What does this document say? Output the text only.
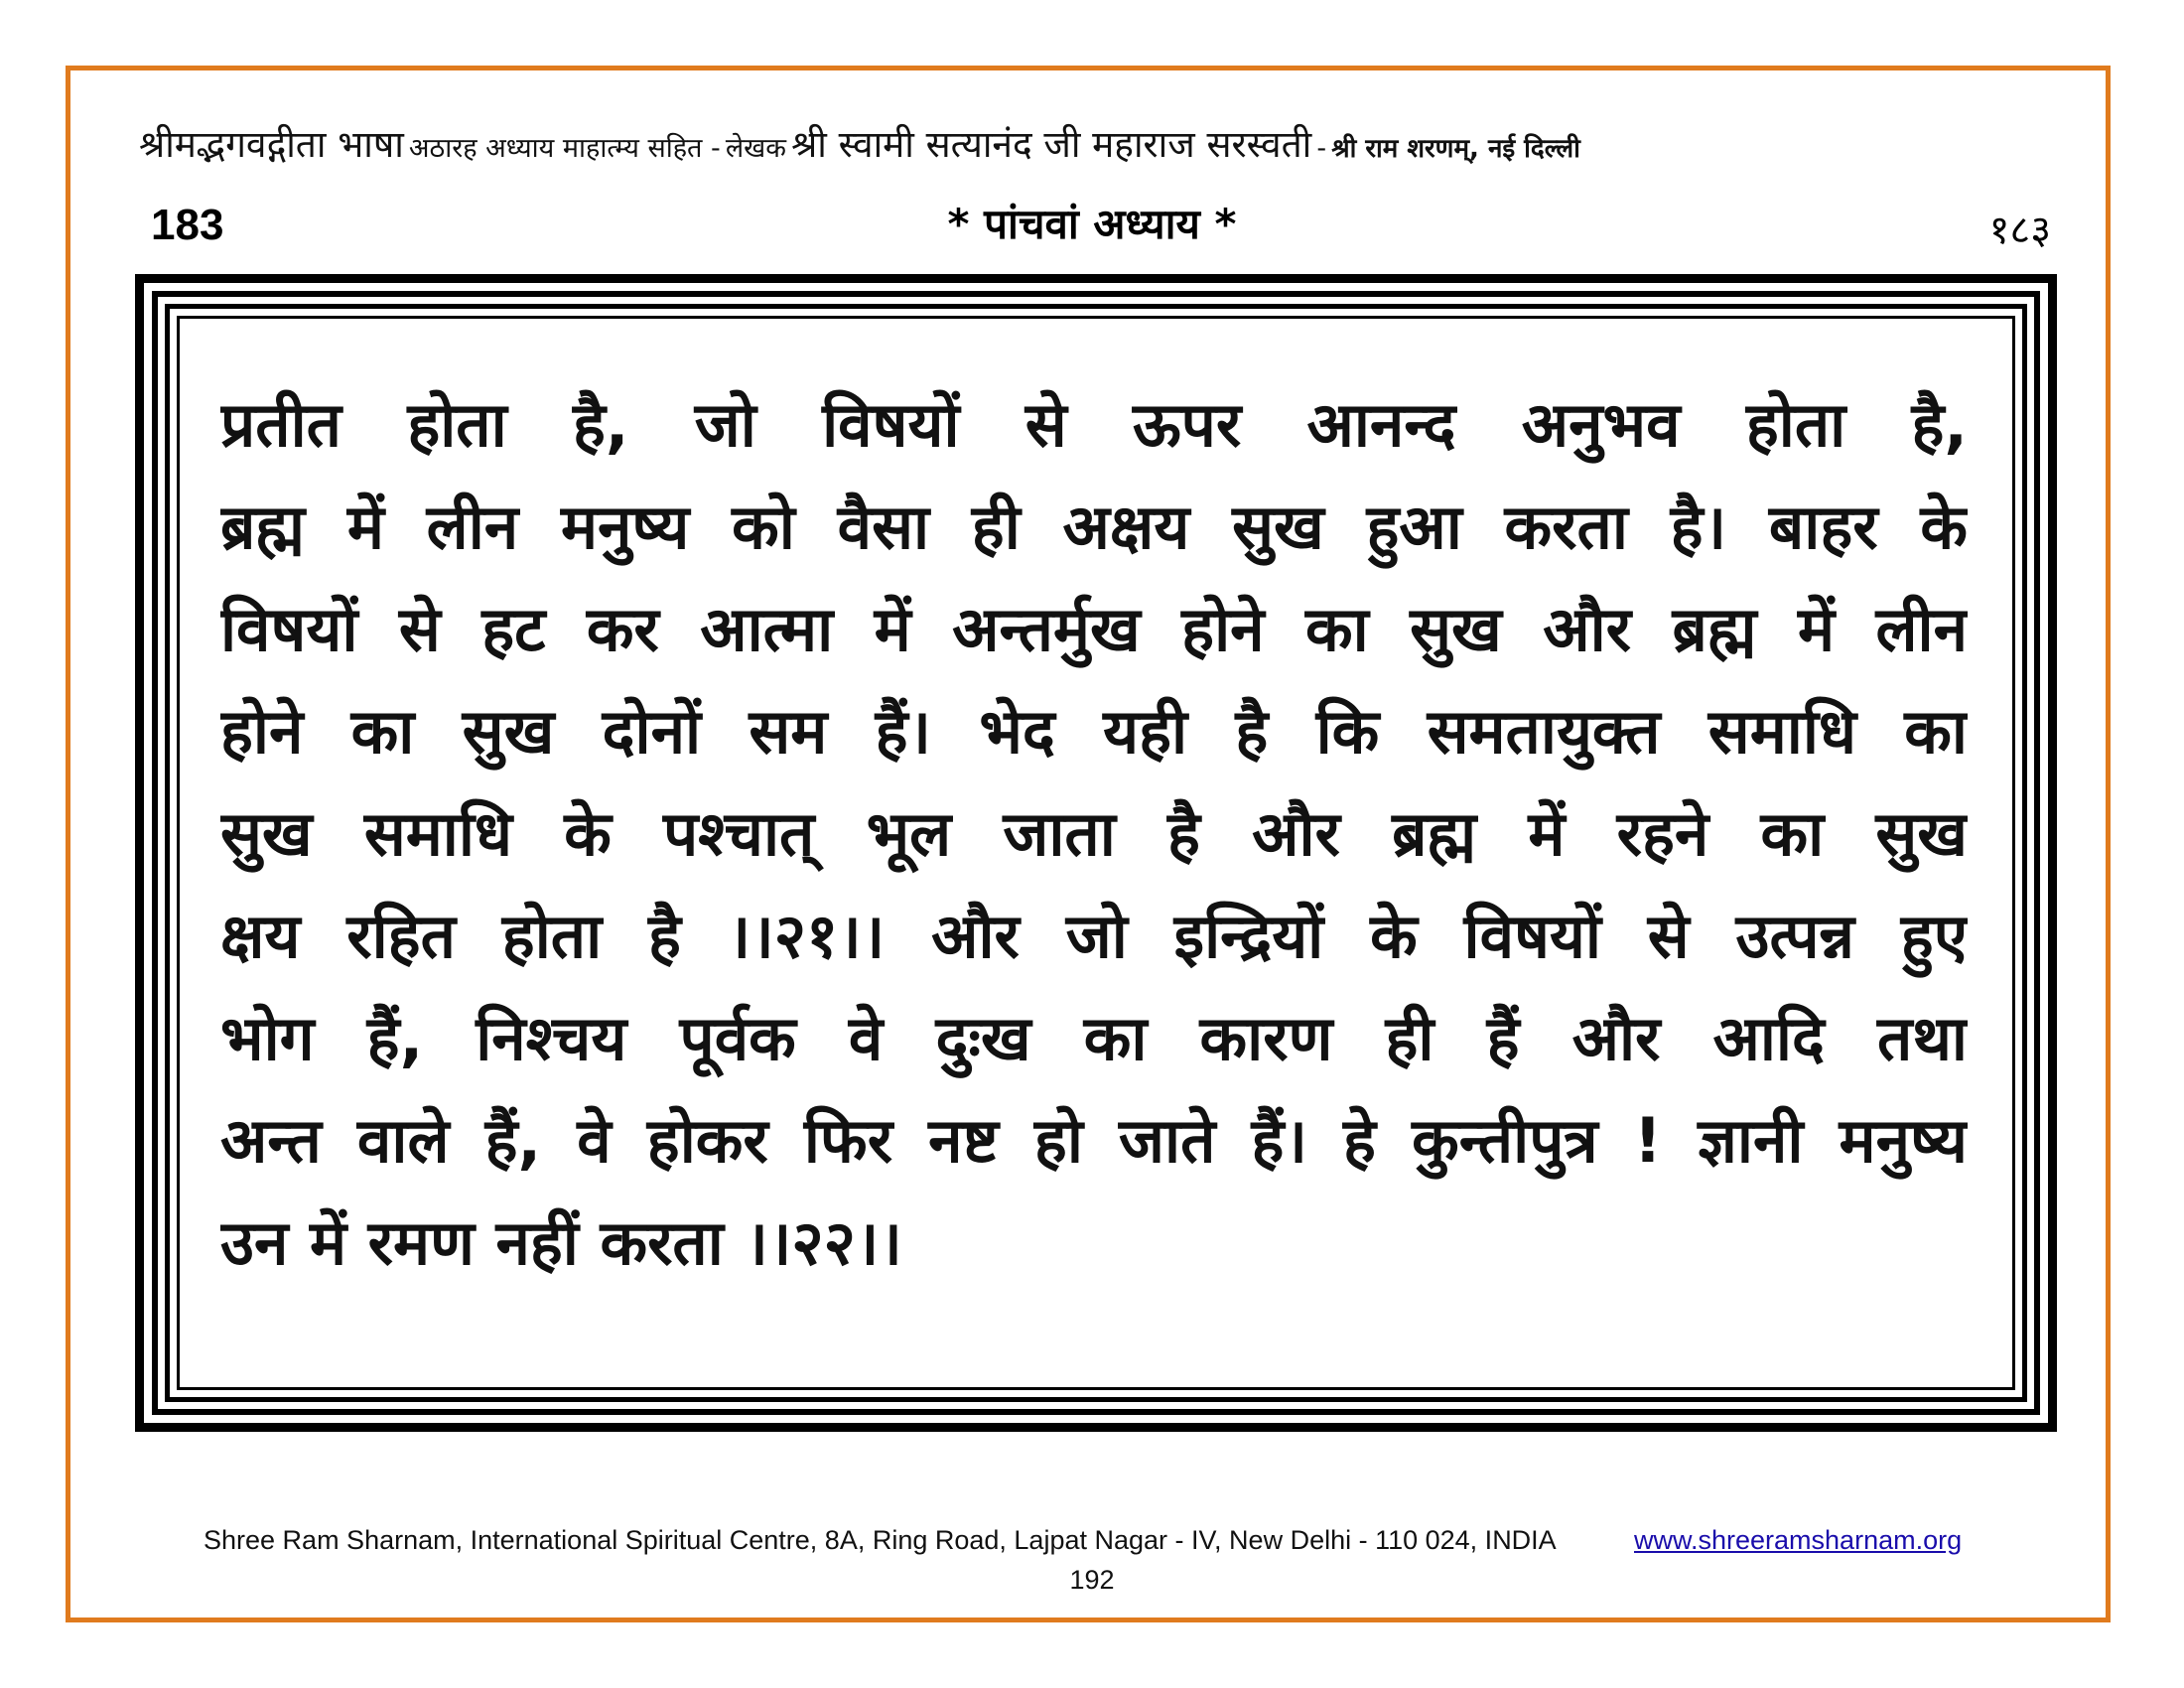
श्रीमद्भगवद्गीता भाषा अठारह अध्याय माहात्म्य सहित - लेखक श्री स्वामी सत्यानंद जी महाराज सरस्वती - श्री राम शरणम्, नई दिल्ली
183	* पांचवां अध्याय *	१८३
प्रतीत होता है, जो विषयों से ऊपर आनन्द अनुभव होता है,
ब्रह्म में लीन मनुष्य को वैसा ही अक्षय सुख हुआ करता है। बाहर के
विषयों से हट कर आत्मा में अन्तर्मुख होने का सुख और ब्रह्म में लीन
होने का सुख दोनों सम हैं। भेद यही है कि समतायुक्त समाधि का
सुख समाधि के पश्चात् भूल जाता है और ब्रह्म में रहने का सुख
क्षय रहित होता है ।।२१।। और जो इन्द्रियों के विषयों से उत्पन्न हुए
भोग हैं, निश्चय पूर्वक वे दुःख का कारण ही हैं और आदि तथा
अन्त वाले हैं, वे होकर फिर नष्ट हो जाते हैं। हे कुन्तीपुत्र ! ज्ञानी मनुष्य
उन में रमण नहीं करता ।।२२।।
Shree Ram Sharnam, International Spiritual Centre, 8A, Ring Road, Lajpat Nagar - IV, New Delhi - 110 024, INDIA	www.shreeramsharnam.org
192
